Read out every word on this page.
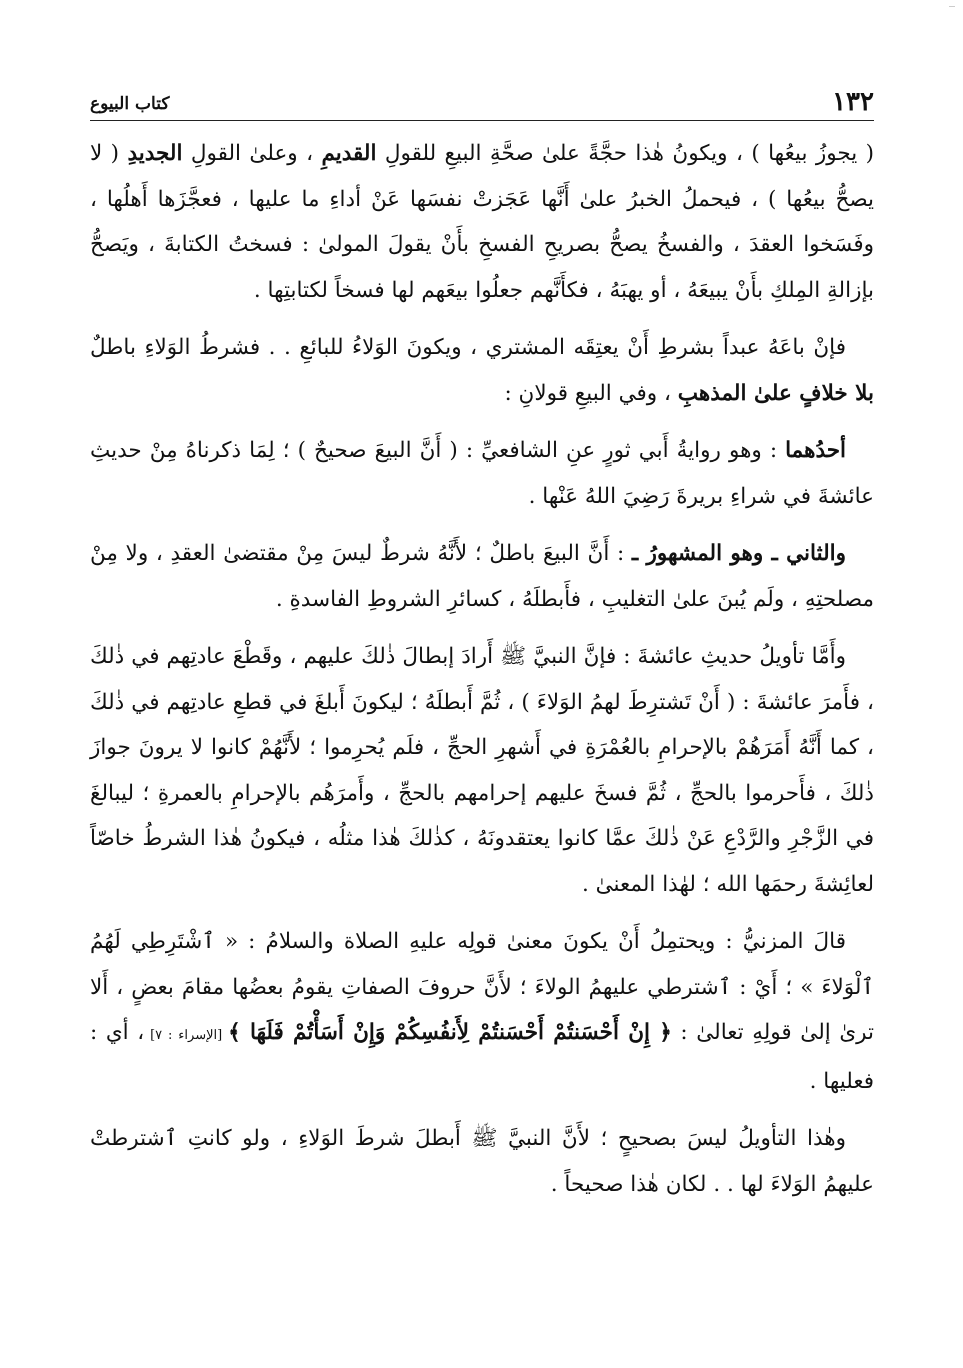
١٣٢
كتاب البيوع

( يجوزُ بيعُها ) ، ويكونُ هٰذا حجَّةً علىٰ صحَّةِ البيعِ للقولِ القديمِ ، وعلىٰ القولِ الجديدِ ( لا يصحُّ بيعُها ) ، فيحملُ الخبرُ علىٰ أَنَّها عَجَزتْ نفسَها عَنْ أداءِ ما عليها ، فعجَّزَها أَهلُها ، وفَسَخوا العقدَ ، والفسخُ يصحُّ بصريحِ الفسخِ بأَنْ يقولَ المولىٰ : فسختُ الكتابةَ ، ويَصحُّ بإزالةِ المِلكِ بأَنْ يبيعَهُ ، أو يهبَهُ ، فكأَنَّهم جعلُوا بيعَهم لها فسخاً لكتابتِها .

فإنْ باعَهُ عبداً بشرطِ أَنْ يعتِقَه المشتري ، ويكونَ الوَلاءُ للبائعِ . . فشرطُ الوَلاءِ باطلٌ بلا خلافٍ علىٰ المذهبِ ، وفي البيعِ قولانِ :

أحدُهما : وهو روايةُ أَبي ثورٍ عنِ الشافعيِّ : ( أَنَّ البيعَ صحيحٌ ) ؛ لِمَا ذكرناهُ مِنْ حديثِ عائشةَ في شراءِ بريرةَ رَضِيَ اللهُ عَنْها .

والثاني ـ وهو المشهورُ ـ : أَنَّ البيعَ باطلٌ ؛ لأَنَّهُ شرطٌ ليسَ مِنْ مقتضىٰ العقدِ ، ولا مِنْ مصلحتِهِ ، ولَم يُبنَ علىٰ التغليبِ ، فأَبطلَهُ ، كسائرِ الشروطِ الفاسدةِ .

وأَمَّا تأويلُ حديثِ عائشةَ : فإنَّ النبيَّ ﷺ أَرادَ إبطالَ ذٰلكَ عليهم ، وقَطْعَ عادتِهم في ذٰلكَ ، فأَمرَ عائشةَ : ( أَنْ تَشترِطَ لهمُ الوَلاءَ ) ، ثُمَّ أَبطلَهُ ؛ ليكونَ أَبلغَ في قطعِ عادتِهم في ذٰلكَ ، كما أَنَّهُ أَمَرَهُمْ بالإحرامِ بالعُمْرَةِ في أَشهرِ الحجِّ ، فلَم يُحرِموا ؛ لأَنَّهُمْ كانوا لا يرونَ جوازَ ذٰلكَ ، فأَحرموا بالحجِّ ، ثُمَّ فسخَ عليهم إحرامهم بالحجِّ ، وأَمرَهُم بالإحرامِ بالعمرةِ ؛ ليبالغَ في الزَّجْرِ والرَّدْعِ عَنْ ذٰلكَ عمَّا كانوا يعتقدونَهُ ، كذٰلكَ هٰذا مثلُه ، فيكونُ هٰذا الشرطُ خاصّاً لعائِشةَ رحمَها الله ؛ لهٰذا المعنىٰ .

قالَ المزنيُّ : ويحتمِلُ أَنْ يكونَ معنىٰ قولِه عليهِ الصلاة والسلامُ : « ٱشْتَرِطِي لَهُمُ ٱلْوَلاءَ » ؛ أَيْ : ٱشترطي عليهمُ الولاءَ ؛ لأَنَّ حروفَ الصفاتِ يقومُ بعضُها مقامَ بعضٍ ، أَلا ترىٰ إلىٰ قولِهِ تعالىٰ : ﴿ إِنْ أَحْسَنتُمْ أَحْسَنتُمْ لِأَنفُسِكُمْ وَإِنْ أَسَأْتُمْ فَلَهَا ﴾ [الإسراء : ٧] ، أي : فعليها .

وهٰذا التأويلُ ليسَ بصحيحٍ ؛ لأَنَّ النبيَّ ﷺ أَبطلَ شرطَ الوَلاءِ ، ولو كانتِ ٱشترطتْ عليهمُ الوَلاءَ لها . . لكان هٰذا صحيحاً .
